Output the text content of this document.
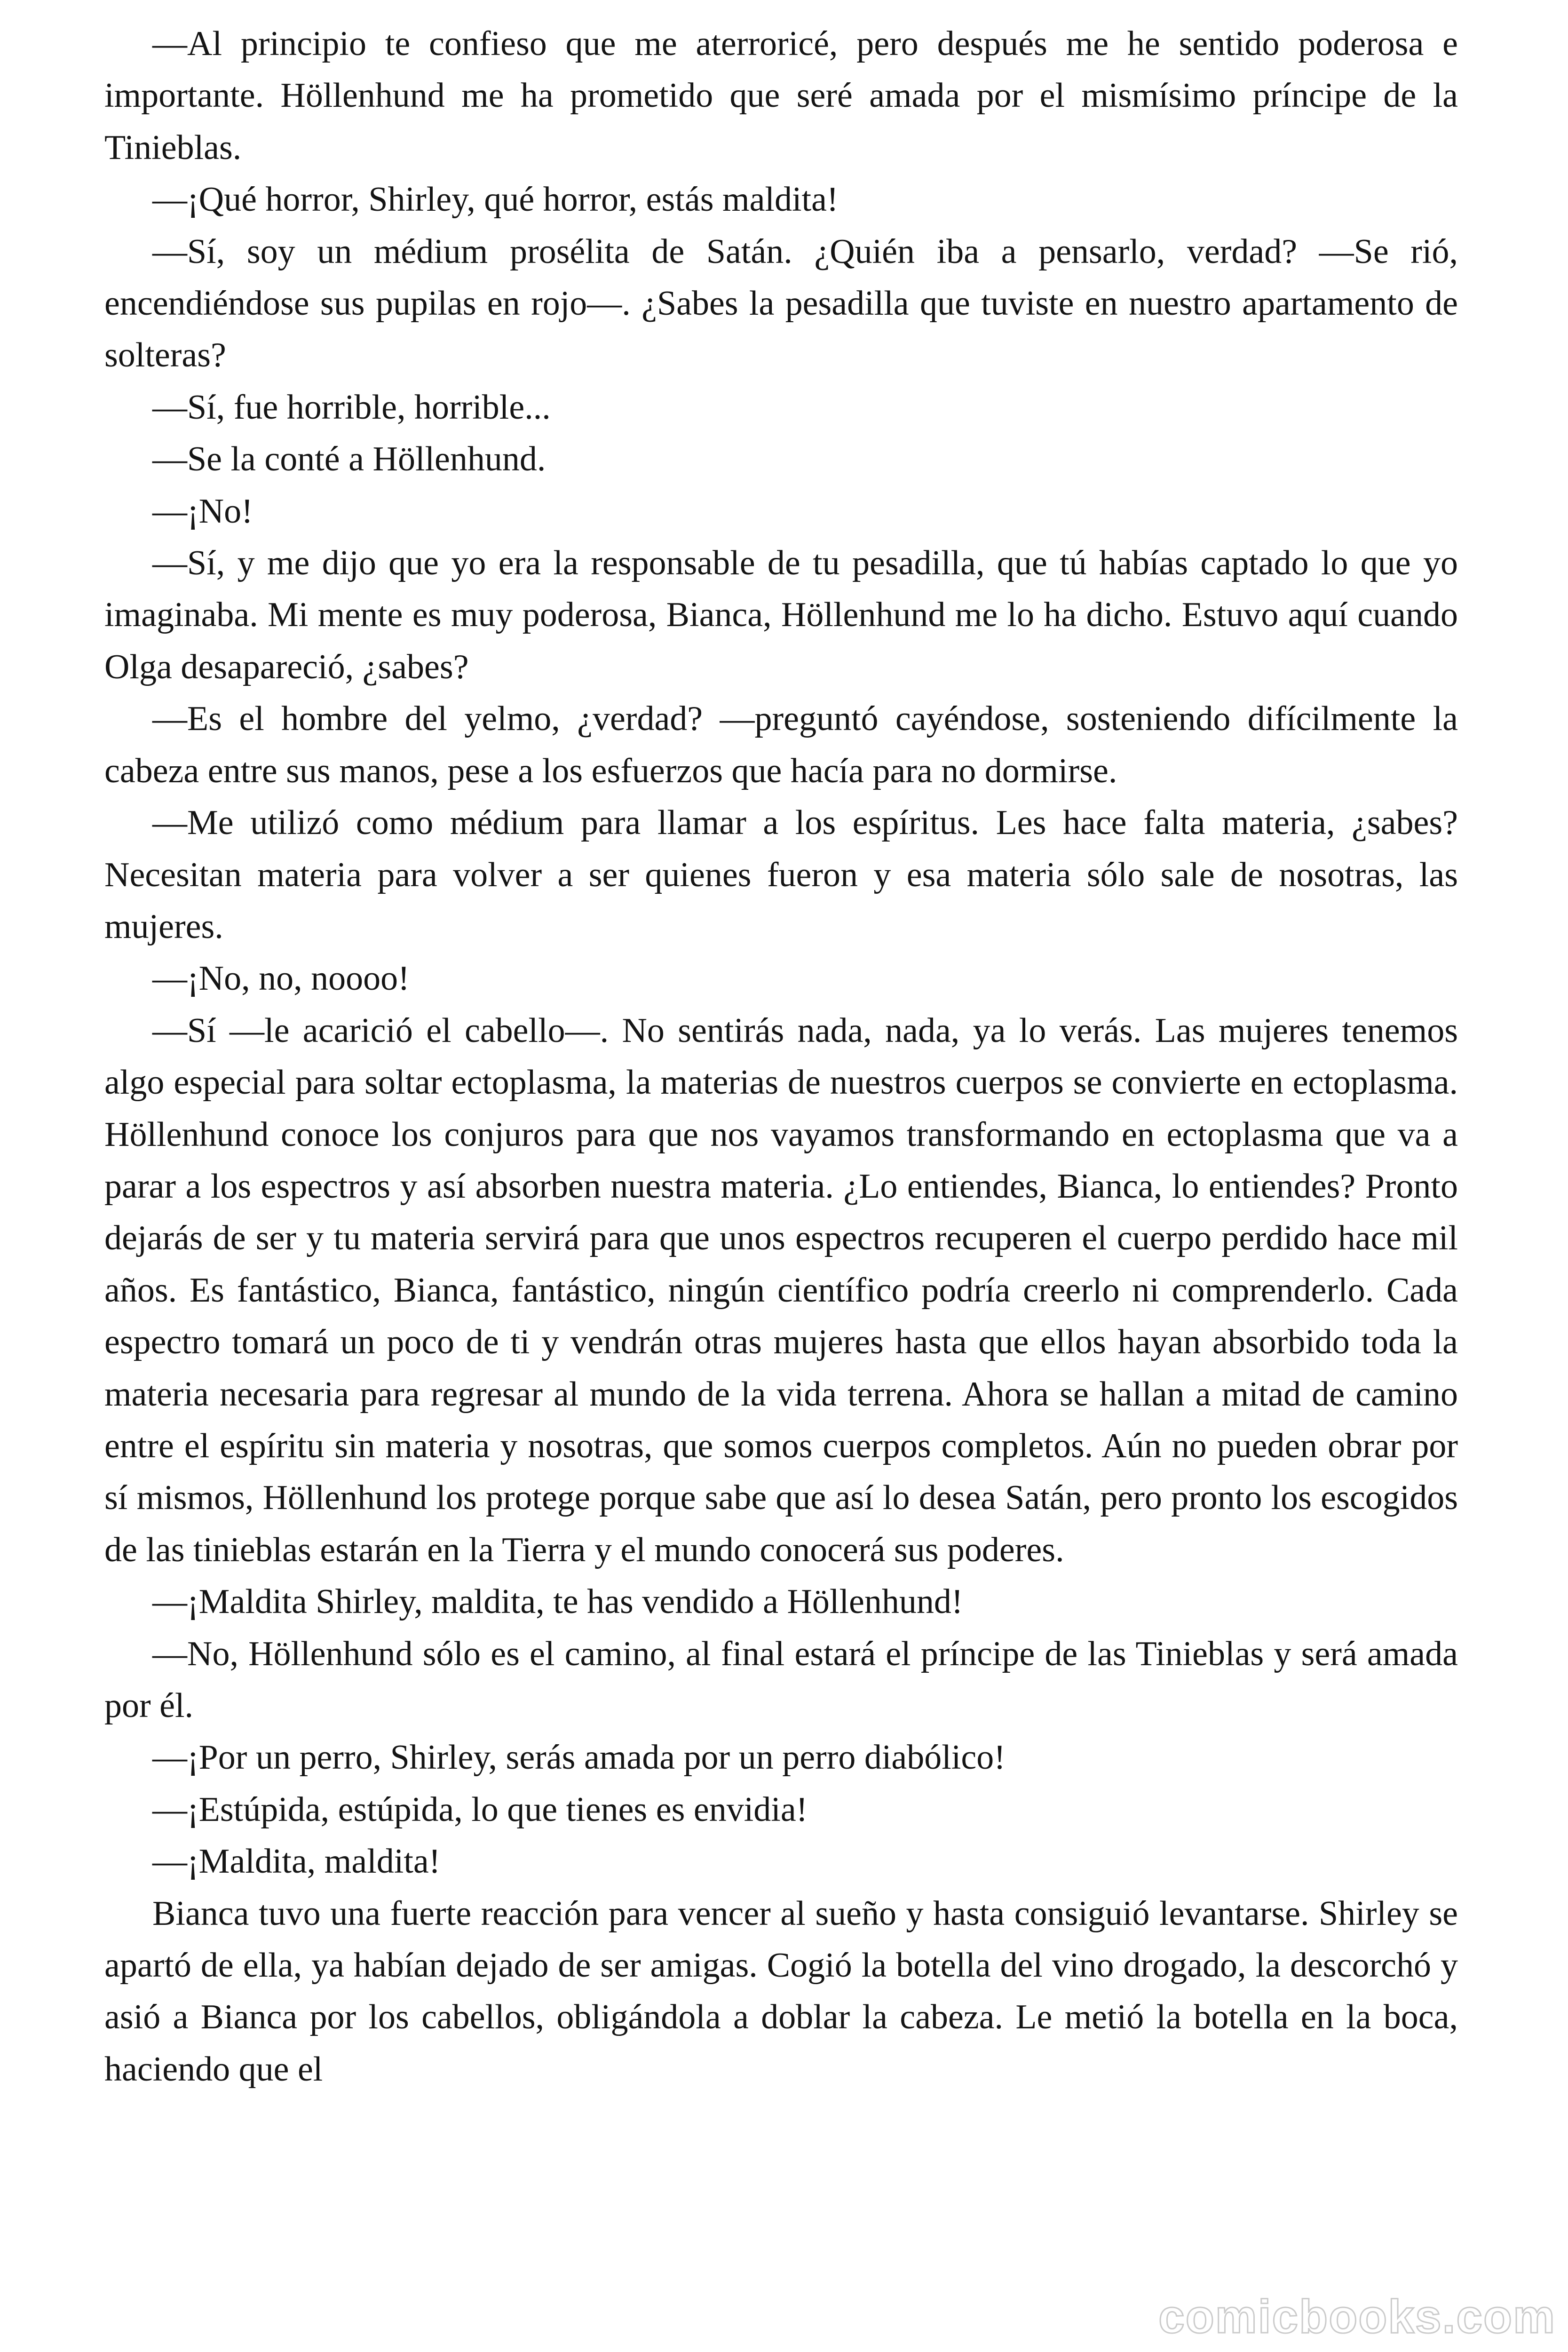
—Al principio te confieso que me aterroricé, pero después me he sentido poderosa e importante. Höllenhund me ha prometido que seré amada por el mismísimo príncipe de la Tinieblas.

—¡Qué horror, Shirley, qué horror, estás maldita!

—Sí, soy un médium prosélita de Satán. ¿Quién iba a pensarlo, verdad? —Se rió, encendiéndose sus pupilas en rojo—. ¿Sabes la pesadilla que tuviste en nuestro apartamento de solteras?

—Sí, fue horrible, horrible...

—Se la conté a Höllenhund.

—¡No!

—Sí, y me dijo que yo era la responsable de tu pesadilla, que tú habías captado lo que yo imaginaba. Mi mente es muy poderosa, Bianca, Höllenhund me lo ha dicho. Estuvo aquí cuando Olga desapareció, ¿sabes?

—Es el hombre del yelmo, ¿verdad? —preguntó cayéndose, sosteniendo difícilmente la cabeza entre sus manos, pese a los esfuerzos que hacía para no dormirse.

—Me utilizó como médium para llamar a los espíritus. Les hace falta materia, ¿sabes? Necesitan materia para volver a ser quienes fueron y esa materia sólo sale de nosotras, las mujeres.

—¡No, no, noooo!

—Sí —le acarició el cabello—. No sentirás nada, nada, ya lo verás. Las mujeres tenemos algo especial para soltar ectoplasma, la materias de nuestros cuerpos se convierte en ectoplasma. Höllenhund conoce los conjuros para que nos vayamos transformando en ectoplasma que va a parar a los espectros y así absorben nuestra materia. ¿Lo entiendes, Bianca, lo entiendes? Pronto dejarás de ser y tu materia servirá para que unos espectros recuperen el cuerpo perdido hace mil años. Es fantástico, Bianca, fantástico, ningún científico podría creerlo ni comprenderlo. Cada espectro tomará un poco de ti y vendrán otras mujeres hasta que ellos hayan absorbido toda la materia necesaria para regresar al mundo de la vida terrena. Ahora se hallan a mitad de camino entre el espíritu sin materia y nosotras, que somos cuerpos completos. Aún no pueden obrar por sí mismos, Höllenhund los protege porque sabe que así lo desea Satán, pero pronto los escogidos de las tinieblas estarán en la Tierra y el mundo conocerá sus poderes.

—¡Maldita Shirley, maldita, te has vendido a Höllenhund!

—No, Höllenhund sólo es el camino, al final estará el príncipe de las Tinieblas y será amada por él.

—¡Por un perro, Shirley, serás amada por un perro diabólico!

—¡Estúpida, estúpida, lo que tienes es envidia!

—¡Maldita, maldita!

Bianca tuvo una fuerte reacción para vencer al sueño y hasta consiguió levantarse. Shirley se apartó de ella, ya habían dejado de ser amigas. Cogió la botella del vino drogado, la descorchó y asió a Bianca por los cabellos, obligándola a doblar la cabeza. Le metió la botella en la boca, haciendo que el

comicbooks.com
